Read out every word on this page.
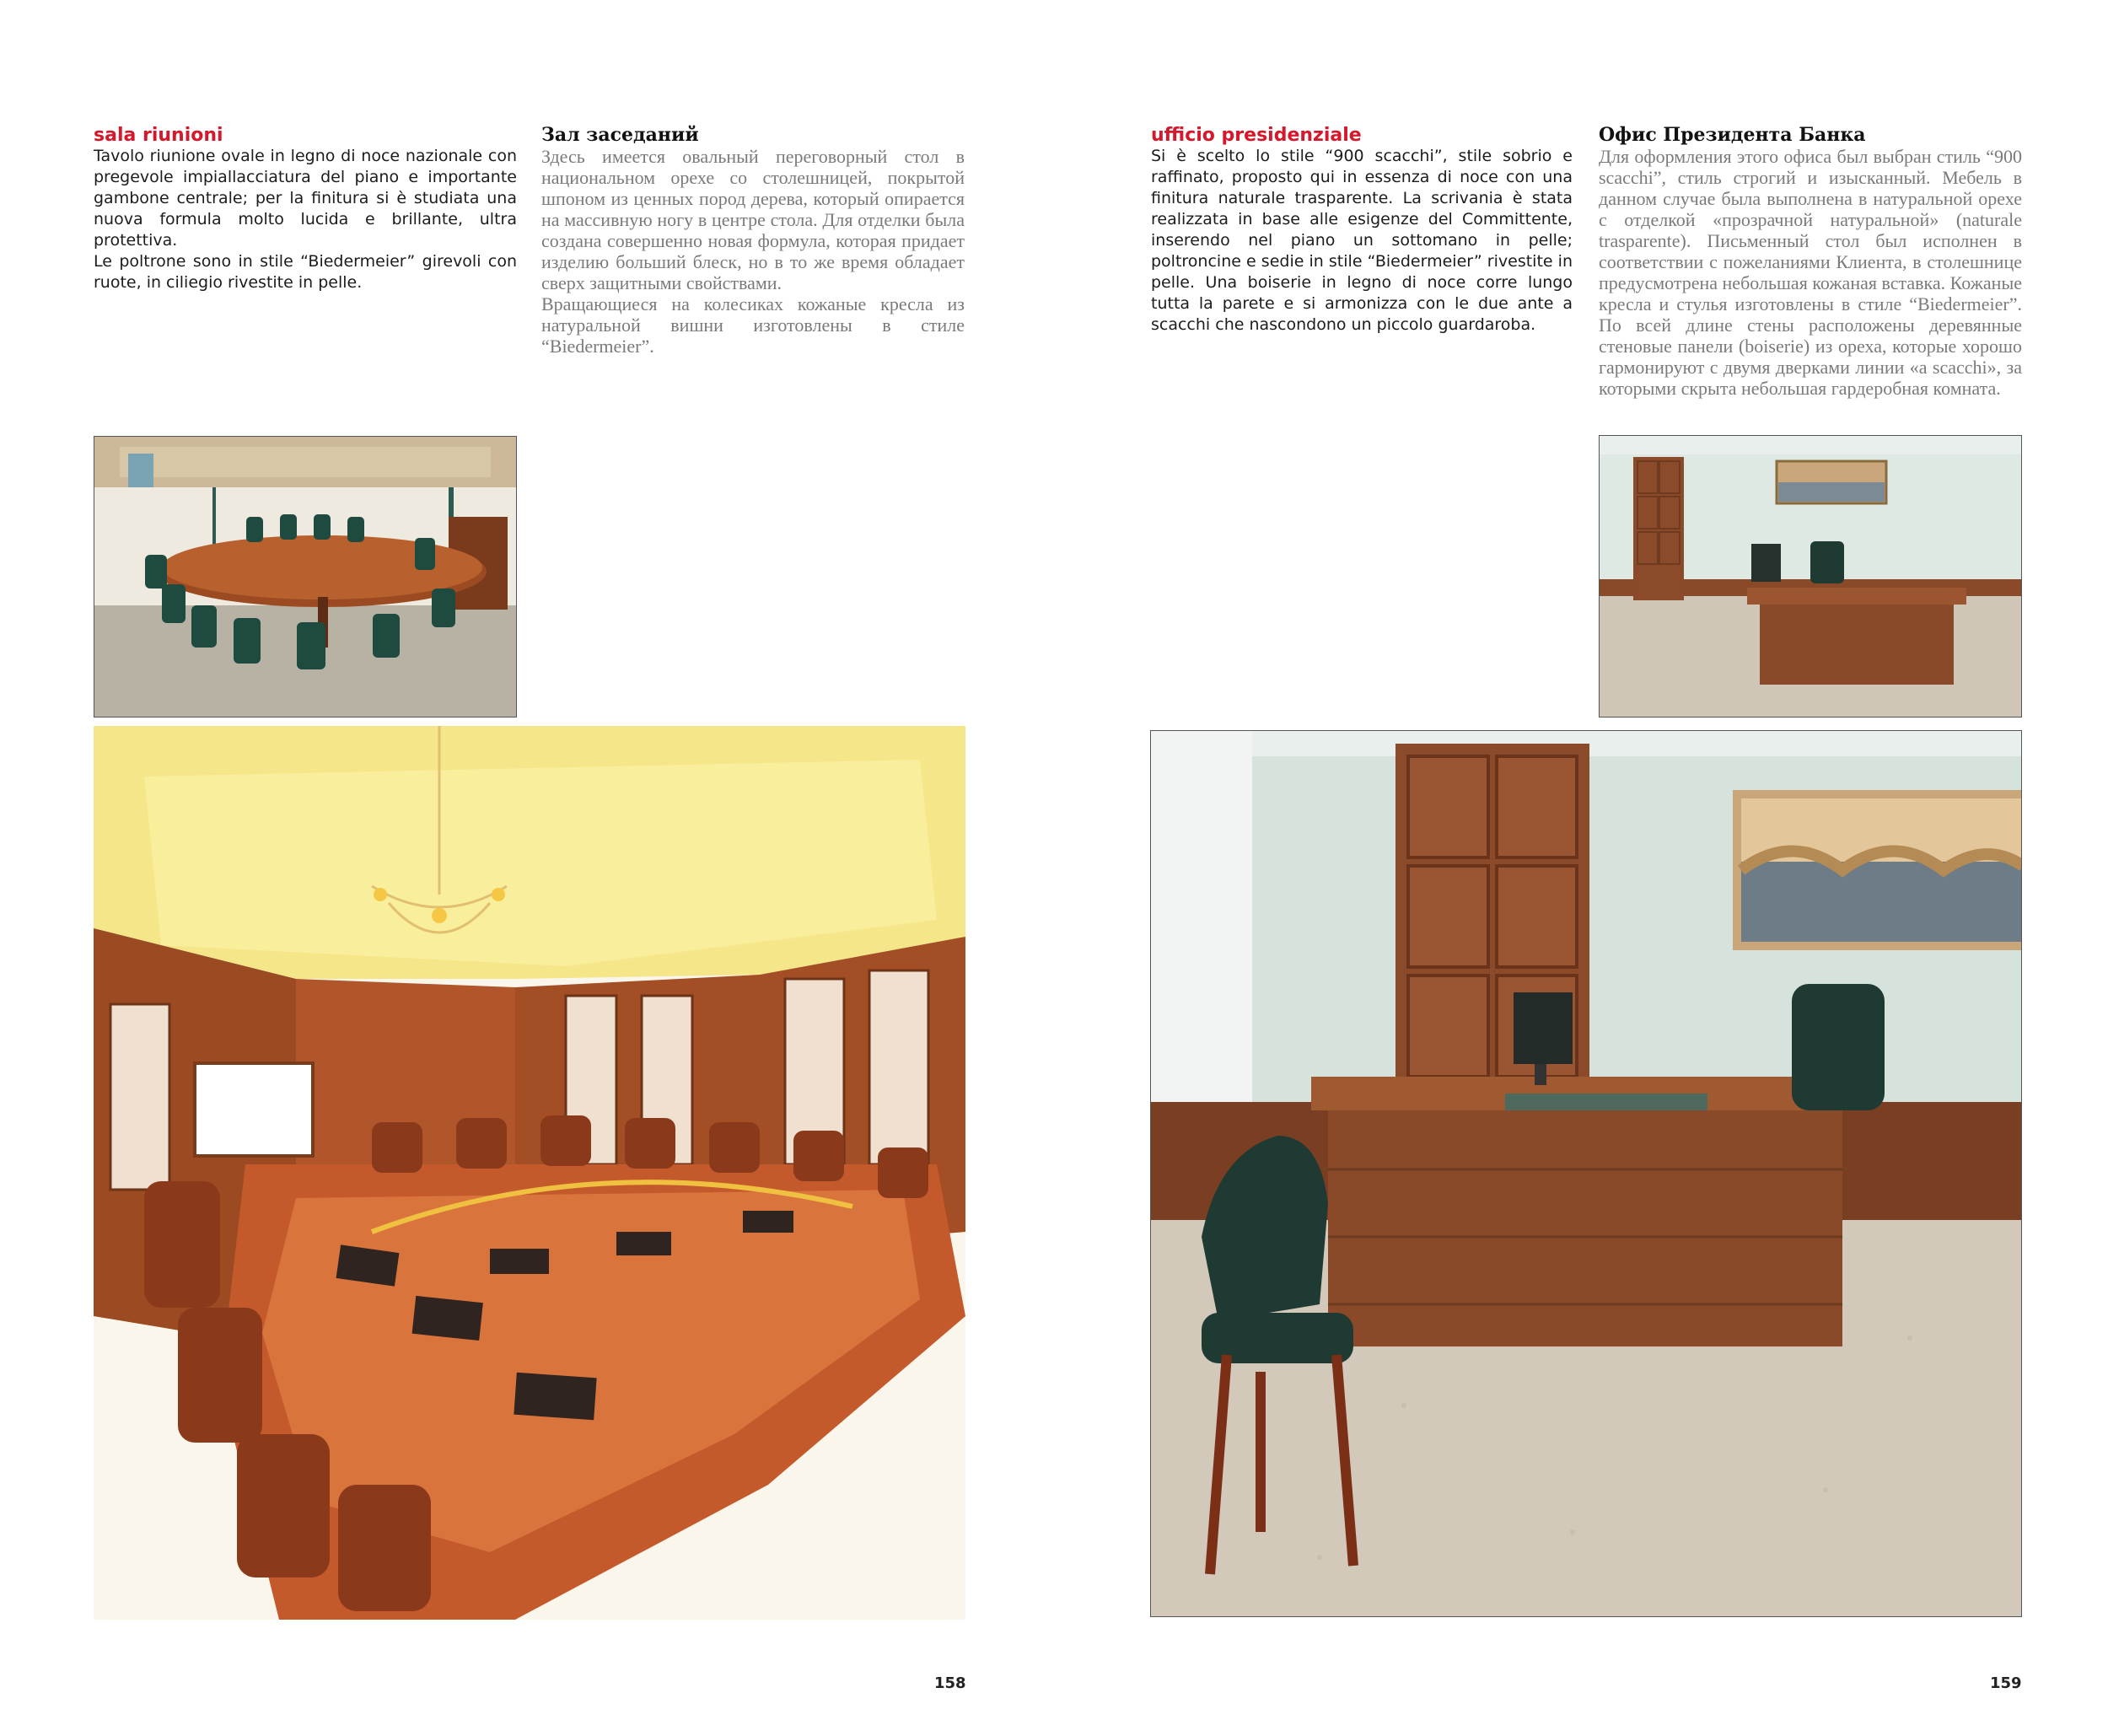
sala riunioni

Tavolo riunione ovale in legno di noce nazionale con pregevole impiallacciatura del piano e importante gambone centrale; per la finitura si è studiata una nuova formula molto lucida e brillante, ultra protettiva.

Le poltrone sono in stile “Biedermeier” girevoli con ruote, in ciliegio rivestite in pelle.

Зал заседаний

Здесь имеется овальный переговорный стол в национальном орехе со столешницей, покрытой шпоном из ценных пород дерева, который опирается на массивную ногу в центре стола. Для отделки была создана совершенно новая формула, которая придает изделию больший блеск, но в то же время обладает сверх защитными свойствами.

Вращающиеся на колесиках кожаные кресла из натуральной вишни изготовлены в стиле “Biedermeier”.

ufficio presidenziale

Si è scelto lo stile “900 scacchi”, stile sobrio e raffinato, proposto qui in essenza di noce con una finitura naturale trasparente. La scrivania è stata realizzata in base alle esigenze del Committente, inserendo nel piano un sottomano in pelle; poltroncine e sedie in stile “Biedermeier” rivestite in pelle. Una boiserie in legno di noce corre lungo tutta la parete e si armonizza con le due ante a scacchi che nascondono un piccolo guardaroba.

Офис Президента Банка

Для оформления этого офиса был выбран стиль “900 scacchi”, стиль строгий и изысканный. Мебель в данном случае была выполнена в натуральной орехе с отделкой «прозрачной натуральной» (naturale trasparente). Письменный стол был исполнен в соответствии с пожеланиями Клиента, в столешнице предусмотрена небольшая кожаная вставка. Кожаные кресла и стулья изготовлены в стиле “Biedermeier”. По всей длине стены расположены деревянные стеновые панели (boiserie) из ореха, которые хорошо гармонируют с двумя дверками линии «а scacchi», за которыми скрыта небольшая гардеробная комната.

158	159
